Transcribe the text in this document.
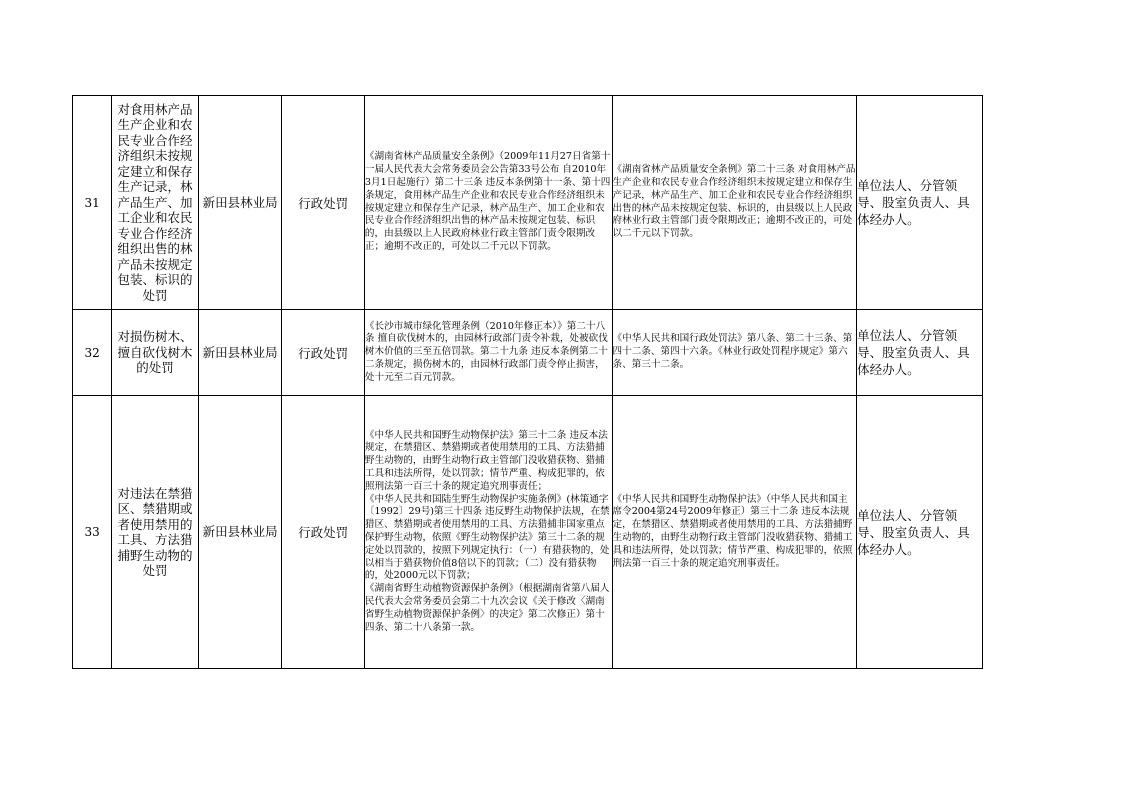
31	对食用林产品生产企业和农民专业合作经济组织未按规定建立和保存生产记录，林产品生产、加工企业和农民专业合作经济组织出售的林产品未按规定包装、标识的处罚	新田县林业局	行政处罚	《湖南省林产品质量安全条例》（2009年11月27日省第十一届人民代表大会常务委员会公告第33号公布 自2010年3月1日起施行）第二十三条 违反本条例第十一条、第十四条规定，食用林产品生产企业和农民专业合作经济组织未按规定建立和保存生产记录，林产品生产、加工企业和农民专业合作经济组织出售的林产品未按规定包装、标识的，由县级以上人民政府林业行政主管部门责令限期改正；逾期不改正的，可处以二千元以下罚款。	《湖南省林产品质量安全条例》第二十三条 对食用林产品生产企业和农民专业合作经济组织未按规定建立和保存生产记录，林产品生产、加工企业和农民专业合作经济组织出售的林产品未按规定包装、标识的，由县级以上人民政府林业行政主管部门责令限期改正；逾期不改正的，可处以二千元以下罚款。	单位法人、分管领导、股室负责人、具体经办人。
32	对损伤树木、擅自砍伐树木的处罚	新田县林业局	行政处罚	《长沙市城市绿化管理条例（2010年修正本）》第二十八条 擅自砍伐树木的，由园林行政部门责令补栽，处被砍伐树木价值的三至五倍罚款。第二十九条 违反本条例第二十二条规定，损伤树木的，由园林行政部门责令停止损害，处十元至二百元罚款。	《中华人民共和国行政处罚法》第八条、第二十三条、第四十二条、第四十六条。《林业行政处罚程序规定》第六条、第三十二条。	单位法人、分管领导、股室负责人、具体经办人。
33	对违法在禁猎区、禁猎期或者使用禁用的工具、方法猎捕野生动物的处罚	新田县林业局	行政处罚	《中华人民共和国野生动物保护法》第三十二条 违反本法规定，在禁猎区、禁猎期或者使用禁用的工具、方法猎捕野生动物的，由野生动物行政主管部门没收猎获物、猎捕工具和违法所得，处以罚款；情节严重、构成犯罪的，依照刑法第一百三十条的规定追究刑事责任；
《中华人民共和国陆生野生动物保护实施条例》(林策通字〔1992〕29号)第三十四条 违反野生动物保护法规，在禁猎区、禁猎期或者使用禁用的工具、方法猎捕非国家重点保护野生动物，依照《野生动物保护法》第三十二条的规定处以罚款的，按照下列规定执行：（一）有猎获物的，处以相当于猎获物价值8倍以下的罚款；（二）没有猎获物的，处2000元以下罚款；
《湖南省野生动植物资源保护条例》（根据湖南省第八届人民代表大会常务委员会第二十九次会议《关于修改〈湖南省野生动植物资源保护条例〉的决定》第二次修正）第十四条、第二十八条第一款。	《中华人民共和国野生动物保护法》（中华人民共和国主席令2004第24号2009年修正）第三十二条 违反本法规定，在禁猎区、禁猎期或者使用禁用的工具、方法猎捕野生动物的，由野生动物行政主管部门没收猎获物、猎捕工具和违法所得，处以罚款；情节严重、构成犯罪的，依照刑法第一百三十条的规定追究刑事责任。	单位法人、分管领导、股室负责人、具体经办人。
